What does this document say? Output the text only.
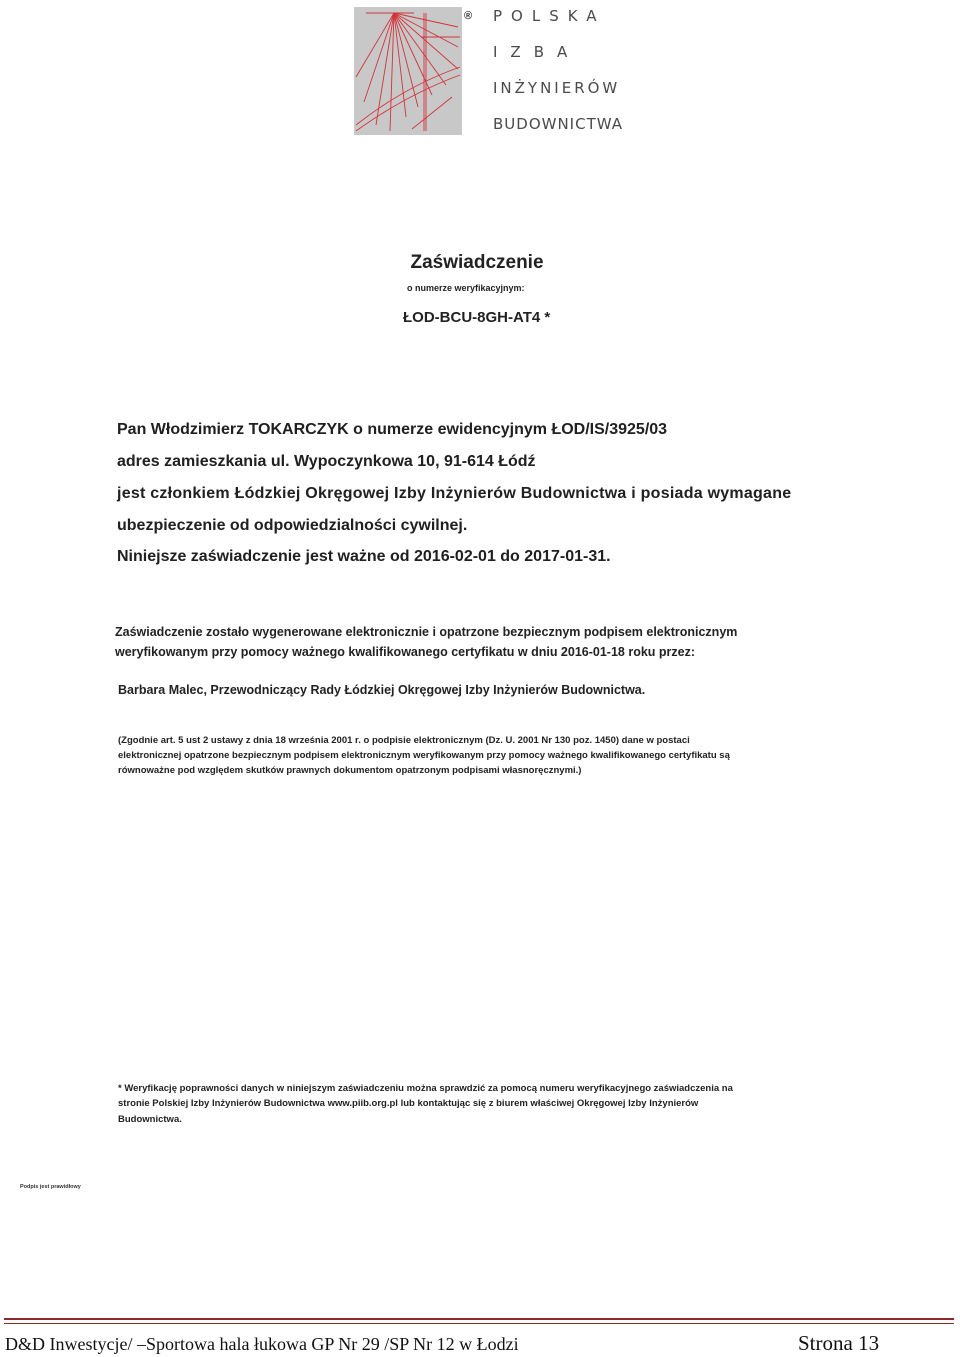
® POLSKA
IZBA
INŻYNIERÓW
BUDOWNICTWA
Zaświadczenie
o numerze weryfikacyjnym:
ŁOD-BCU-8GH-AT4 *
Pan Włodzimierz TOKARCZYK o numerze ewidencyjnym ŁOD/IS/3925/03
adres zamieszkania ul. Wypoczynkowa 10, 91-614 Łódź
jest członkiem Łódzkiej Okręgowej Izby Inżynierów Budownictwa i posiada wymagane
ubezpieczenie od odpowiedzialności cywilnej.
Niniejsze zaświadczenie jest ważne od 2016-02-01 do 2017-01-31.
Zaświadczenie zostało wygenerowane elektronicznie i opatrzone bezpiecznym podpisem elektronicznym
weryfikowanym przy pomocy ważnego kwalifikowanego certyfikatu w dniu 2016-01-18 roku przez:
Barbara Malec, Przewodniczący Rady Łódzkiej Okręgowej Izby Inżynierów Budownictwa.
(Zgodnie art. 5 ust 2 ustawy z dnia 18 września 2001 r. o podpisie elektronicznym (Dz. U. 2001 Nr 130 poz. 1450) dane w postaci
elektronicznej opatrzone bezpiecznym podpisem elektronicznym weryfikowanym przy pomocy ważnego kwalifikowanego certyfikatu są
równoważne pod względem skutków prawnych dokumentom opatrzonym podpisami własnoręcznymi.)
* Weryfikację poprawności danych w niniejszym zaświadczeniu można sprawdzić za pomocą numeru weryfikacyjnego zaświadczenia na
stronie Polskiej Izby Inżynierów Budownictwa www.piib.org.pl lub kontaktując się z biurem właściwej Okręgowej Izby Inżynierów
Budownictwa.
Podpis jest prawidłowy
D&D Inwestycje/ –Sportowa hala łukowa GP Nr 29 /SP Nr 12 w Łodzi	Strona 13
